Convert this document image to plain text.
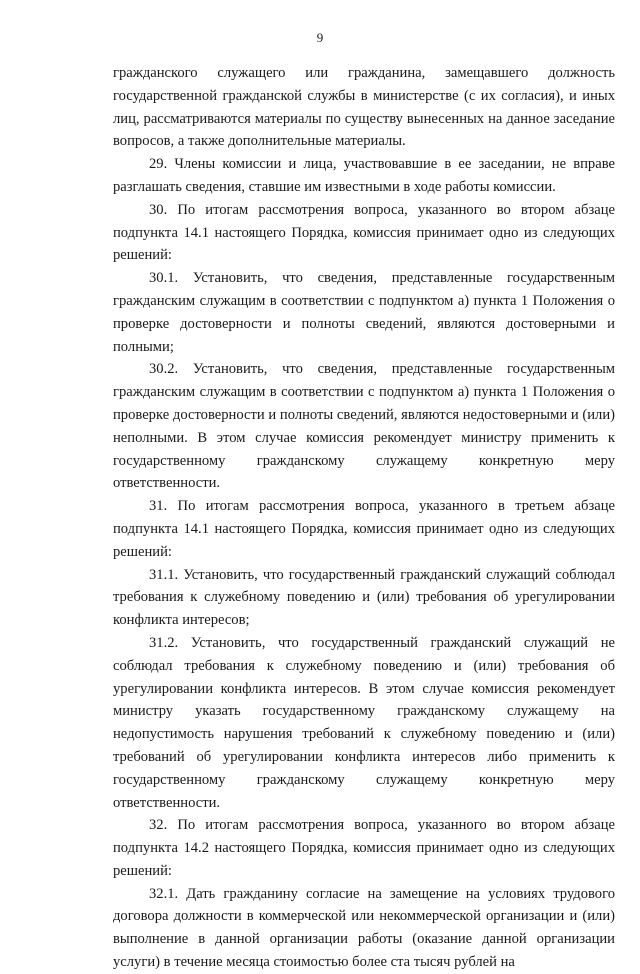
9

гражданского служащего или гражданина, замещавшего должность государственной гражданской службы в министерстве (с их согласия), и иных лиц, рассматриваются материалы по существу вынесенных на данное заседание вопросов, а также дополнительные материалы.

29. Члены комиссии и лица, участвовавшие в ее заседании, не вправе разглашать сведения, ставшие им известными в ходе работы комиссии.

30. По итогам рассмотрения вопроса, указанного во втором абзаце подпункта 14.1 настоящего Порядка, комиссия принимает одно из следующих решений:

30.1. Установить, что сведения, представленные государственным гражданским служащим в соответствии с подпунктом а) пункта 1 Положения о проверке достоверности и полноты сведений, являются достоверными и полными;

30.2. Установить, что сведения, представленные государственным гражданским служащим в соответствии с подпунктом а) пункта 1 Положения о проверке достоверности и полноты сведений, являются недостоверными и (или) неполными. В этом случае комиссия рекомендует министру применить к государственному гражданскому служащему конкретную меру ответственности.

31. По итогам рассмотрения вопроса, указанного в третьем абзаце подпункта 14.1 настоящего Порядка, комиссия принимает одно из следующих решений:

31.1. Установить, что государственный гражданский служащий соблюдал требования к служебному поведению и (или) требования об урегулировании конфликта интересов;

31.2. Установить, что государственный гражданский служащий не соблюдал требования к служебному поведению и (или) требования об урегулировании конфликта интересов. В этом случае комиссия рекомендует министру указать государственному гражданскому служащему на недопустимость нарушения требований к служебному поведению и (или) требований об урегулировании конфликта интересов либо применить к государственному гражданскому служащему конкретную меру ответственности.

32. По итогам рассмотрения вопроса, указанного во втором абзаце подпункта 14.2 настоящего Порядка, комиссия принимает одно из следующих решений:

32.1. Дать гражданину согласие на замещение на условиях трудового договора должности в коммерческой или некоммерческой организации и (или) выполнение в данной организации работы (оказание данной организации услуги) в течение месяца стоимостью более ста тысяч рублей на
